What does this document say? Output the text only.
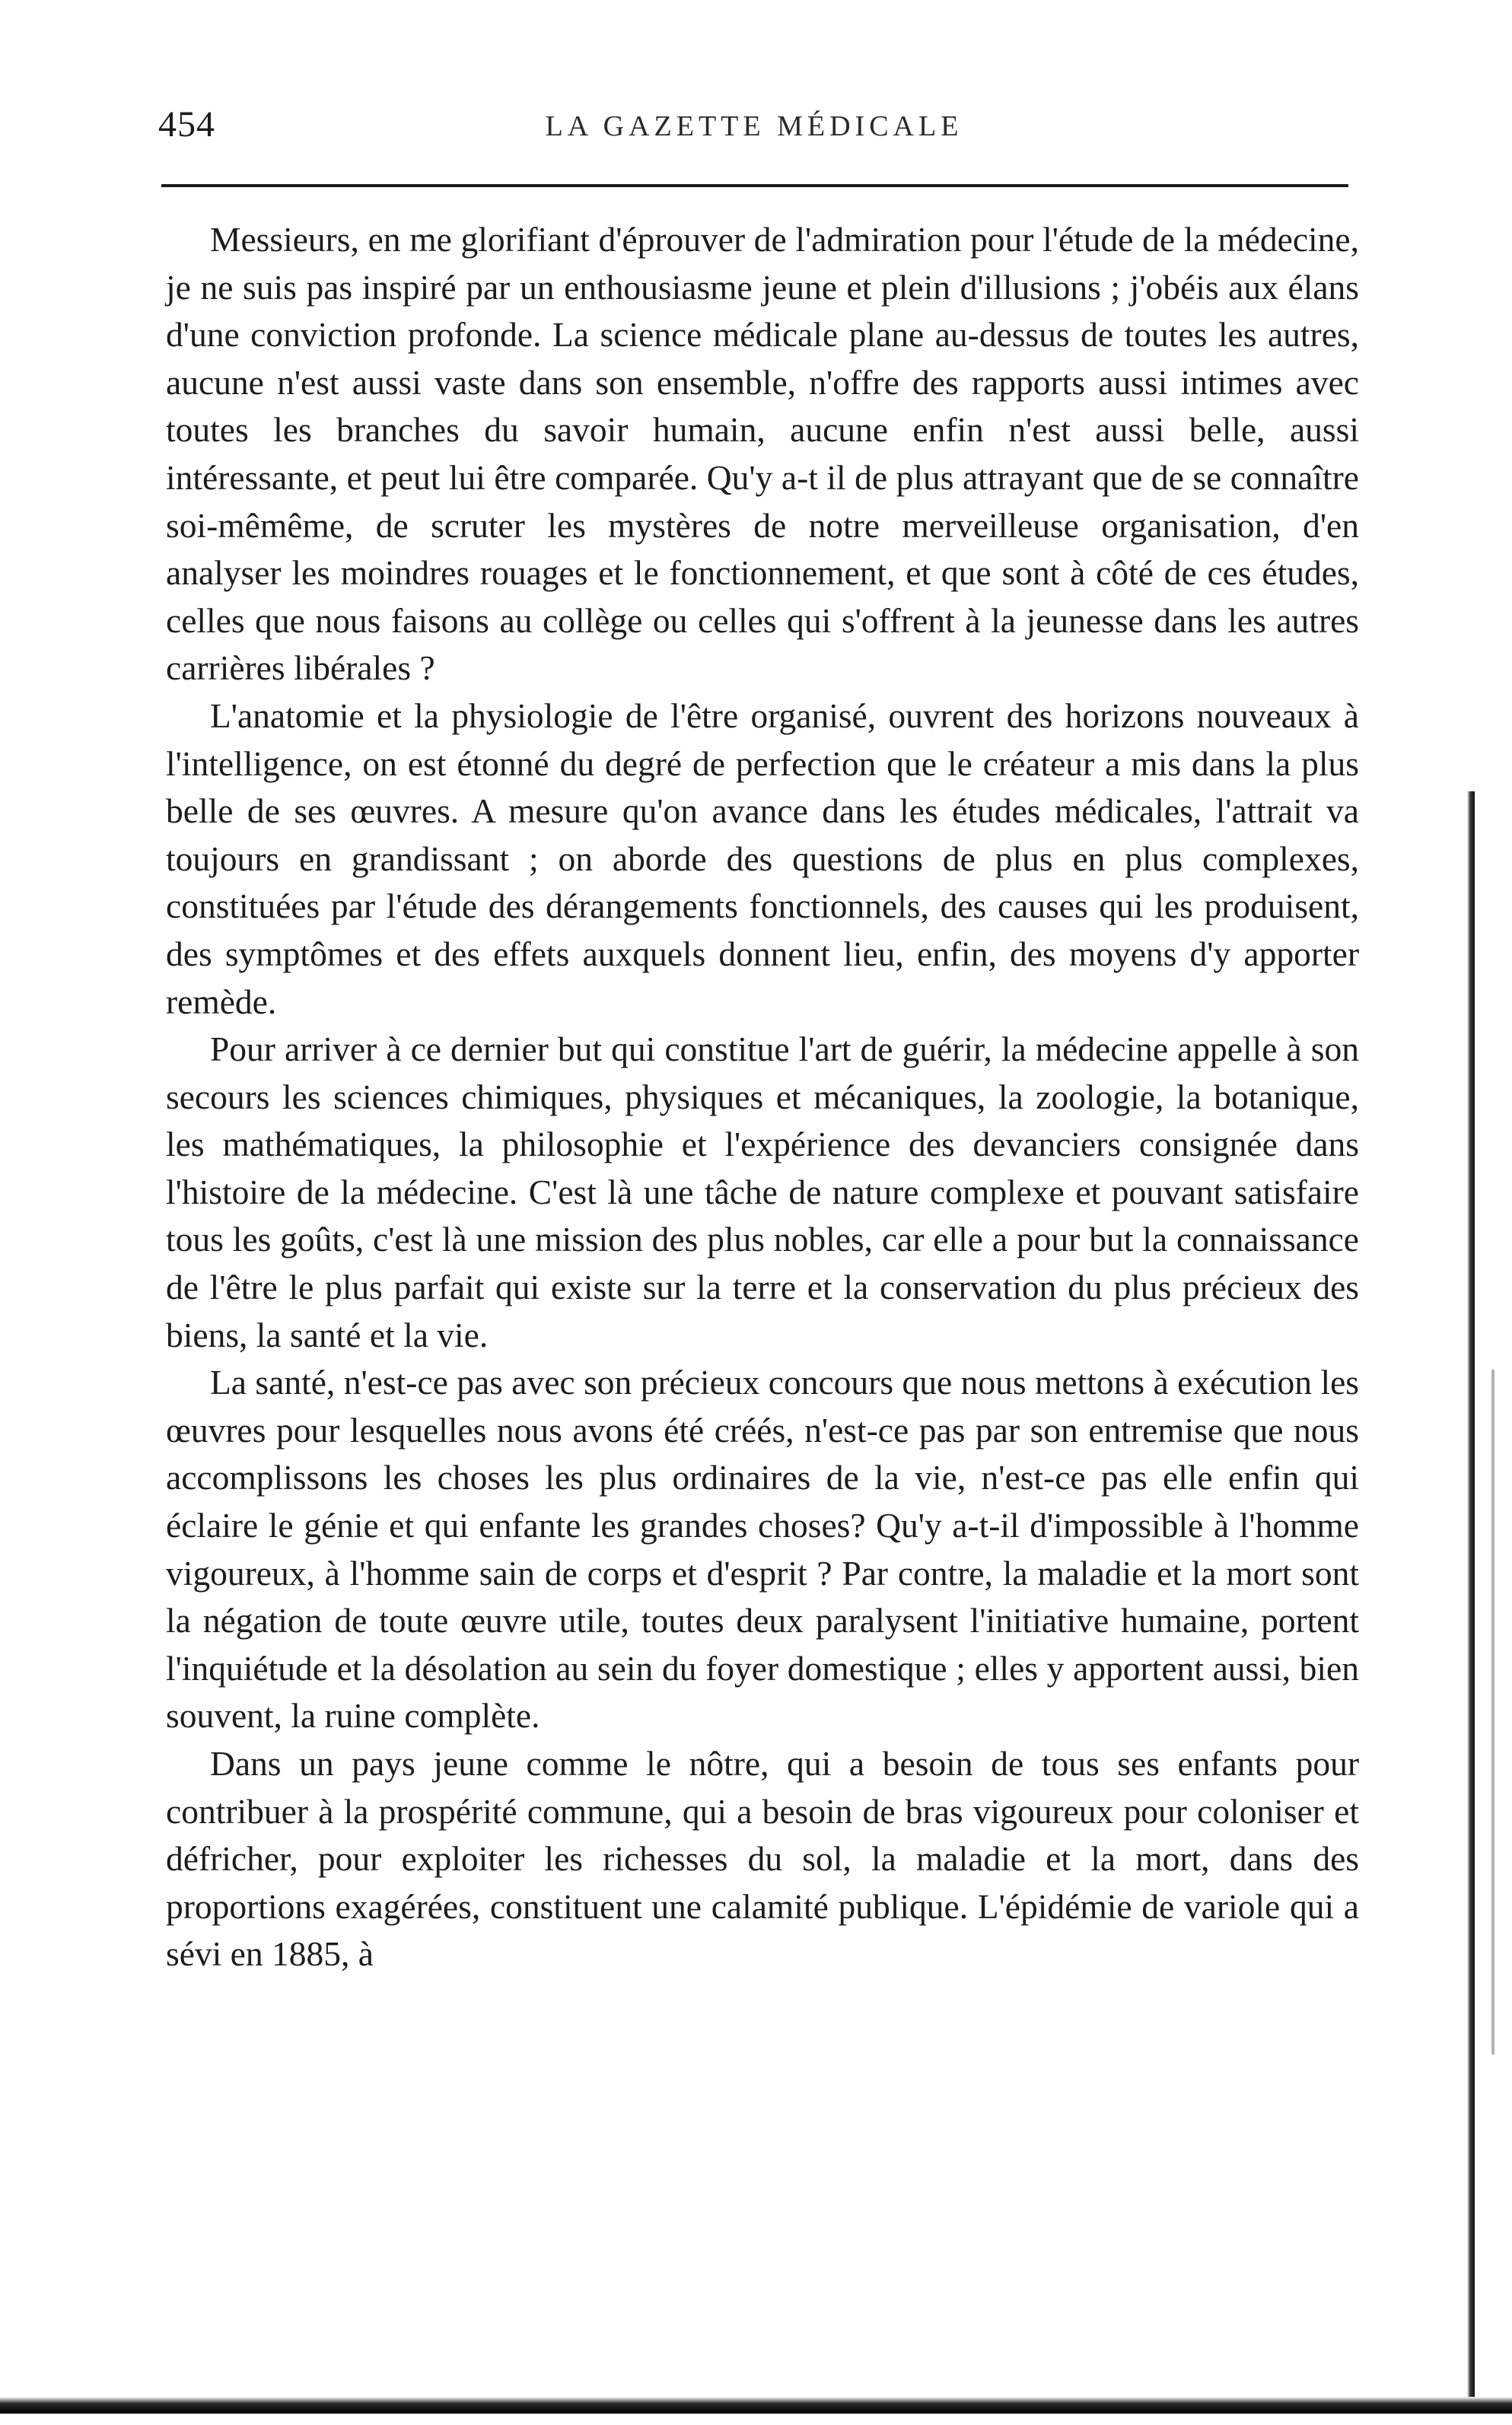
454	LA GAZETTE MÉDICALE

Messieurs, en me glorifiant d'éprouver de l'admiration pour l'étude de la médecine, je ne suis pas inspiré par un enthousiasme jeune et plein d'illusions ; j'obéis aux élans d'une conviction profonde. La science médicale plane au-dessus de toutes les autres, aucune n'est aussi vaste dans son ensemble, n'offre des rapports aussi intimes avec toutes les branches du savoir humain, aucune enfin n'est aussi belle, aussi intéressante, et peut lui être comparée. Qu'y a-t il de plus attrayant que de se connaître soi-mêmême, de scruter les mystères de notre merveilleuse organisation, d'en analyser les moindres rouages et le fonctionnement, et que sont à côté de ces études, celles que nous faisons au collège ou celles qui s'offrent à la jeunesse dans les autres carrières libérales ?

L'anatomie et la physiologie de l'être organisé, ouvrent des horizons nouveaux à l'intelligence, on est étonné du degré de perfection que le créateur a mis dans la plus belle de ses œuvres. A mesure qu'on avance dans les études médicales, l'attrait va toujours en grandissant ; on aborde des questions de plus en plus complexes, constituées par l'étude des dérangements fonctionnels, des causes qui les produisent, des symptômes et des effets auxquels donnent lieu, enfin, des moyens d'y apporter remède.

Pour arriver à ce dernier but qui constitue l'art de guérir, la médecine appelle à son secours les sciences chimiques, physiques et mécaniques, la zoologie, la botanique, les mathématiques, la philosophie et l'expérience des devanciers consignée dans l'histoire de la médecine. C'est là une tâche de nature complexe et pouvant satisfaire tous les goûts, c'est là une mission des plus nobles, car elle a pour but la connaissance de l'être le plus parfait qui existe sur la terre et la conservation du plus précieux des biens, la santé et la vie.

La santé, n'est-ce pas avec son précieux concours que nous mettons à exécution les œuvres pour lesquelles nous avons été créés, n'est-ce pas par son entremise que nous accomplissons les choses les plus ordinaires de la vie, n'est-ce pas elle enfin qui éclaire le génie et qui enfante les grandes choses? Qu'y a-t-il d'impossible à l'homme vigoureux, à l'homme sain de corps et d'esprit ? Par contre, la maladie et la mort sont la négation de toute œuvre utile, toutes deux paralysent l'initiative humaine, portent l'inquiétude et la désolation au sein du foyer domestique ; elles y apportent aussi, bien souvent, la ruine complète.

Dans un pays jeune comme le nôtre, qui a besoin de tous ses enfants pour contribuer à la prospérité commune, qui a besoin de bras vigoureux pour coloniser et défricher, pour exploiter les richesses du sol, la maladie et la mort, dans des proportions exagérées, constituent une calamité publique. L'épidémie de variole qui a sévi en 1885, à
